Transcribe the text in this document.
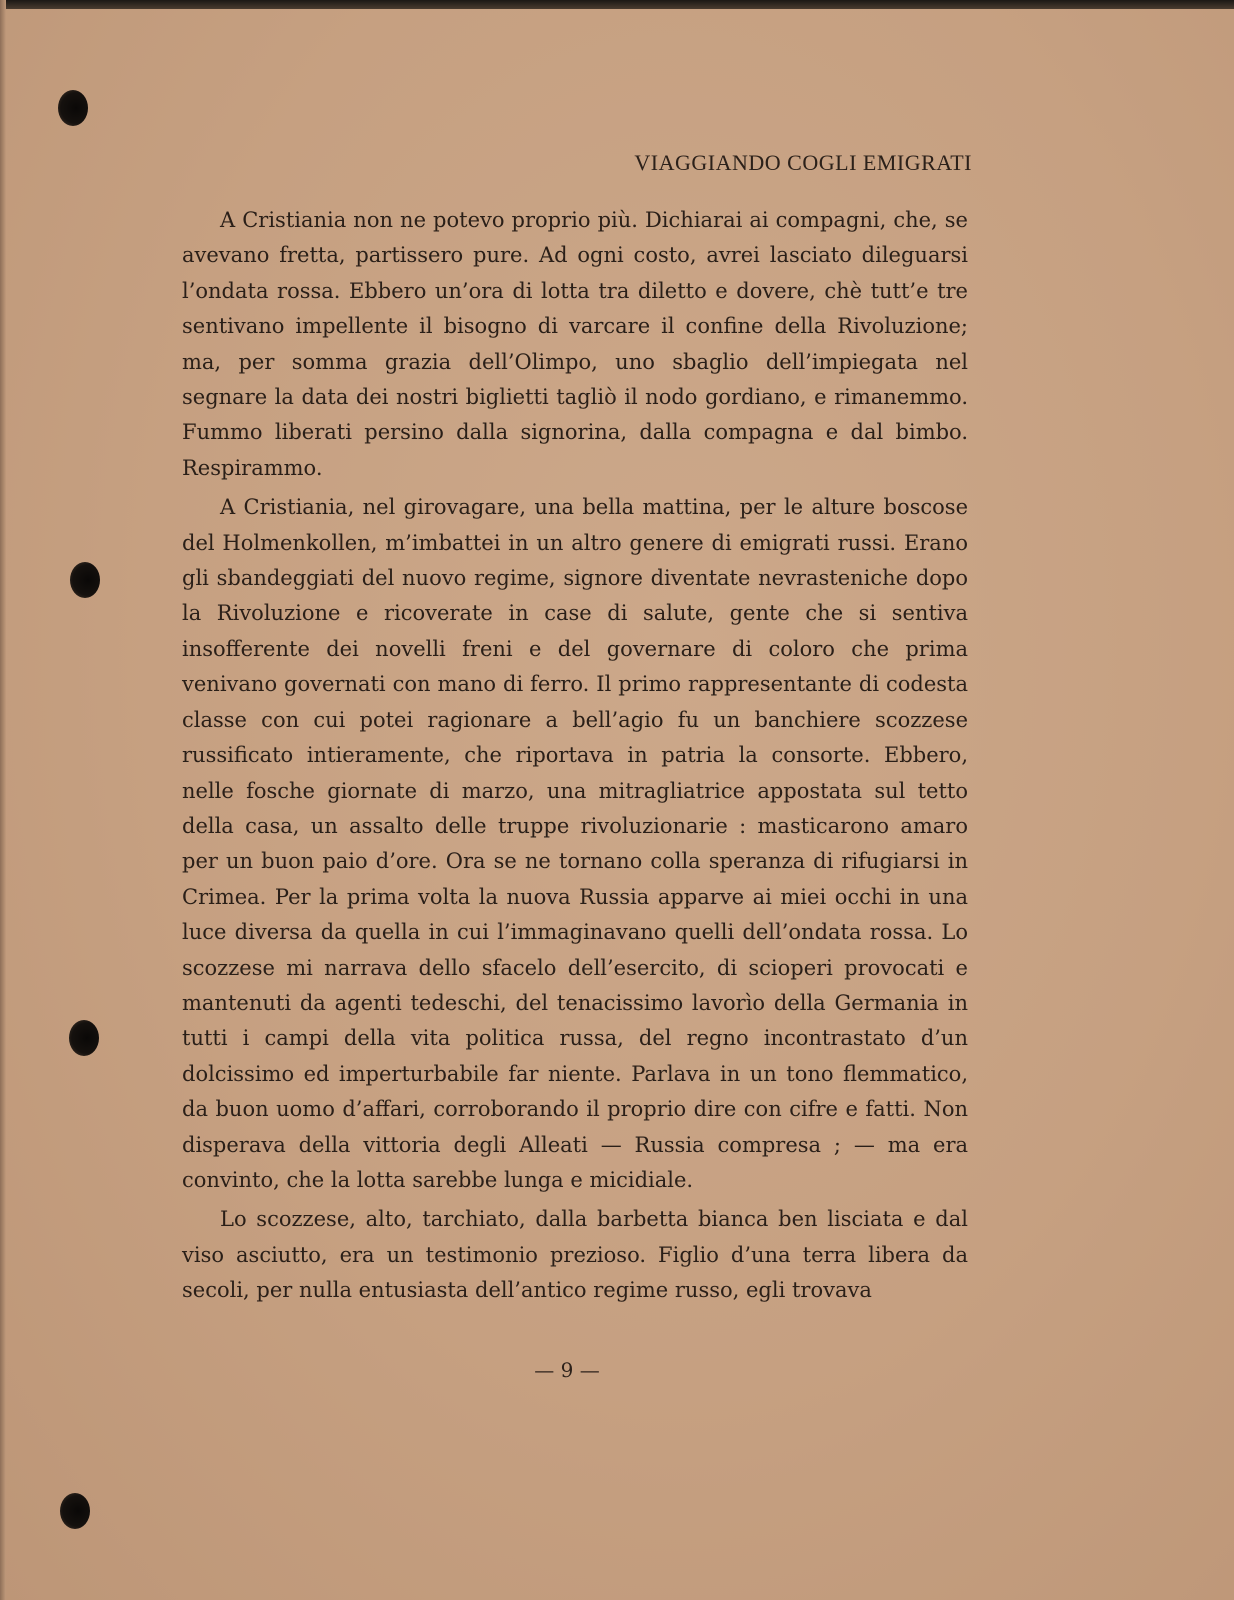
VIAGGIANDO COGLI EMIGRATI

A Cristiania non ne potevo proprio più. Dichiarai ai compagni, che, se avevano fretta, partissero pure. Ad ogni costo, avrei lasciato dileguarsi l’ondata rossa. Ebbero un’ora di lotta tra diletto e dovere, chè tutt’e tre sentivano impellente il bisogno di varcare il confine della Rivoluzione; ma, per somma grazia dell’Olimpo, uno sbaglio dell’impiegata nel segnare la data dei nostri biglietti tagliò il nodo gordiano, e rimanemmo. Fummo liberati persino dalla signorina, dalla compagna e dal bimbo. Respirammo.

A Cristiania, nel girovagare, una bella mattina, per le alture boscose del Holmenkollen, m’imbattei in un altro genere di emigrati russi. Erano gli sbandeggiati del nuovo regime, signore diventate nevrasteniche dopo la Rivoluzione e ricoverate in case di salute, gente che si sentiva insofferente dei novelli freni e del governare di coloro che prima venivano governati con mano di ferro. Il primo rappresentante di codesta classe con cui potei ragionare a bell’agio fu un banchiere scozzese russificato intieramente, che riportava in patria la consorte. Ebbero, nelle fosche giornate di marzo, una mitragliatrice appostata sul tetto della casa, un assalto delle truppe rivoluzionarie : masticarono amaro per un buon paio d’ore. Ora se ne tornano colla speranza di rifugiarsi in Crimea. Per la prima volta la nuova Russia apparve ai miei occhi in una luce diversa da quella in cui l’immaginavano quelli dell’ondata rossa. Lo scozzese mi narrava dello sfacelo dell’esercito, di scioperi provocati e mantenuti da agenti tedeschi, del tenacissimo lavorìo della Germania in tutti i campi della vita politica russa, del regno incontrastato d’un dolcissimo ed imperturbabile far niente. Parlava in un tono flemmatico, da buon uomo d’affari, corroborando il proprio dire con cifre e fatti. Non disperava della vittoria degli Alleati — Russia compresa ; — ma era convinto, che la lotta sarebbe lunga e micidiale.

Lo scozzese, alto, tarchiato, dalla barbetta bianca ben lisciata e dal viso asciutto, era un testimonio prezioso. Figlio d’una terra libera da secoli, per nulla entusiasta dell’antico regime russo, egli trovava

— 9 —
